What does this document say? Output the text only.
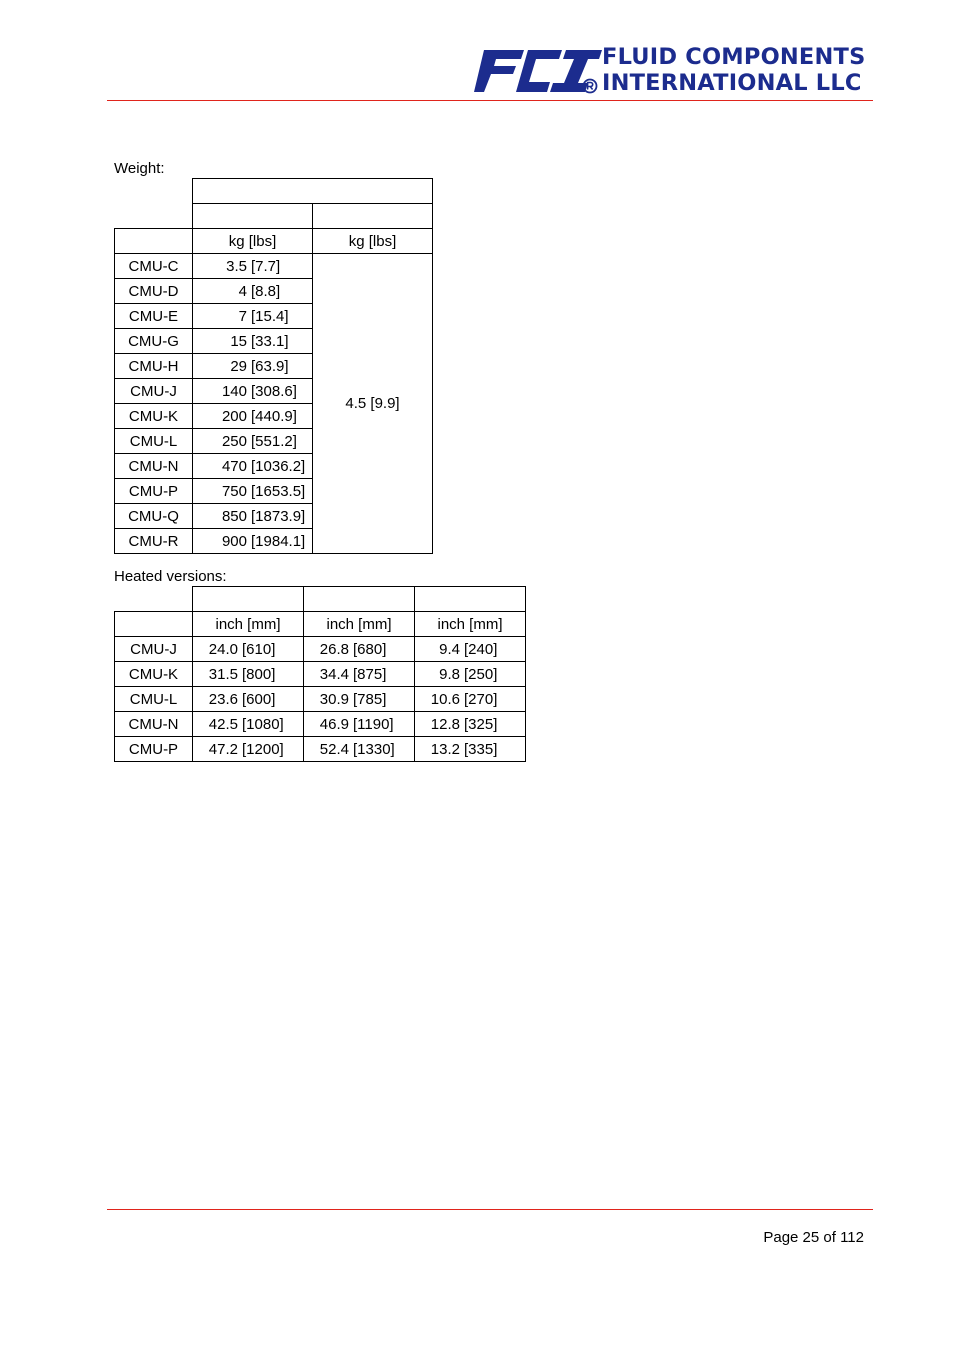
FLUID COMPONENTS
INTERNATIONAL LLC
Weight:

	kg [lbs]	kg [lbs]
CMU-C	3.5 [7.7]	4.5 [9.9]
CMU-D	4 [8.8]	
CMU-E	7 [15.4]	
CMU-G	15 [33.1]	
CMU-H	29 [63.9]	
CMU-J	140 [308.6]	
CMU-K	200 [440.9]	
CMU-L	250 [551.2]	
CMU-N	470 [1036.2]	
CMU-P	750 [1653.5]	
CMU-Q	850 [1873.9]	
CMU-R	900 [1984.1]	
Heated versions:

	inch [mm]	inch [mm]	inch [mm]
CMU-J	24.0 [610]	26.8 [680]	9.4 [240]
CMU-K	31.5 [800]	34.4 [875]	9.8 [250]
CMU-L	23.6 [600]	30.9 [785]	10.6 [270]
CMU-N	42.5 [1080]	46.9 [1190]	12.8 [325]
CMU-P	47.2 [1200]	52.4 [1330]	13.2 [335]
Page 25 of 112
